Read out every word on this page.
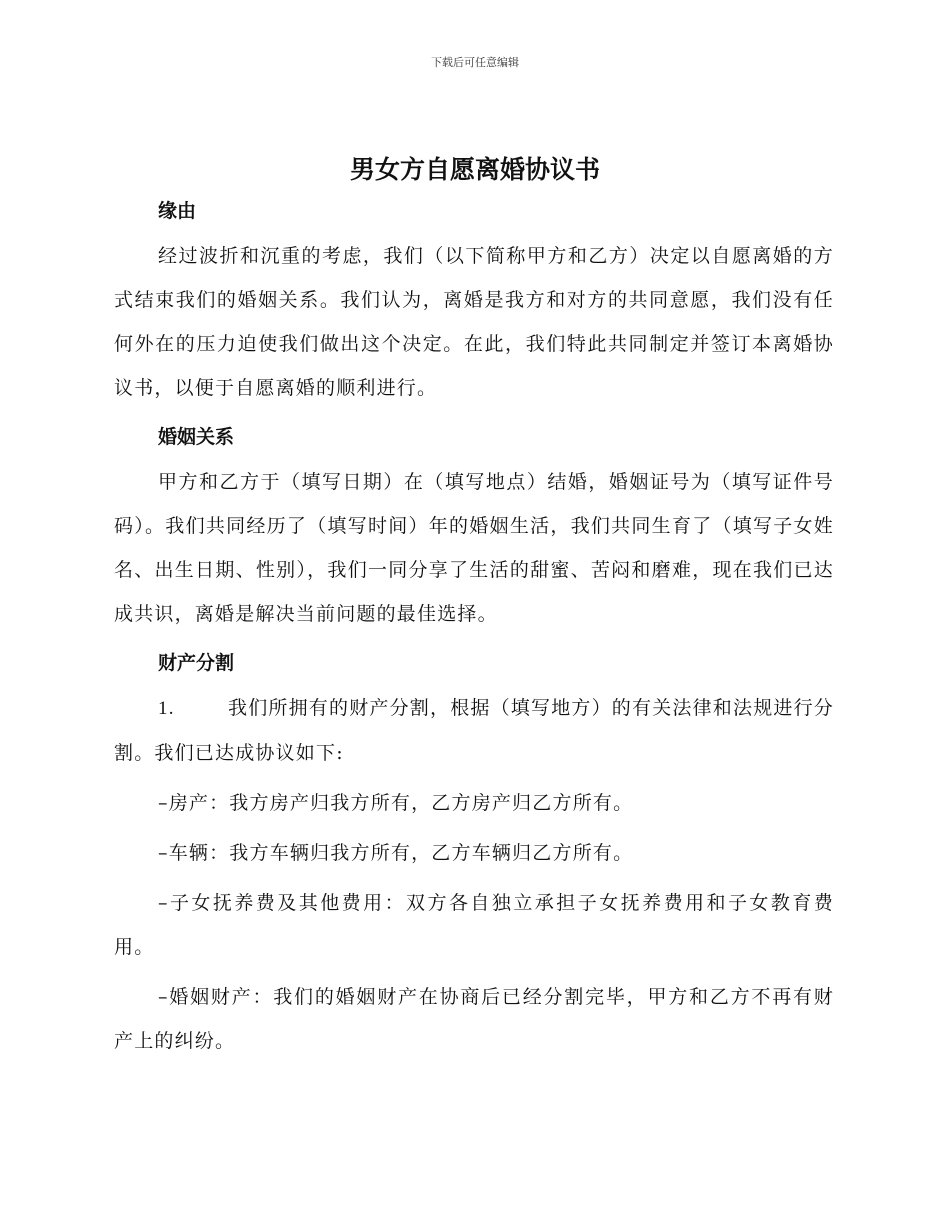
下载后可任意编辑
男女方自愿离婚协议书
缘由

经过波折和沉重的考虑，我们（以下简称甲方和乙方）决定以自愿离婚的方式结束我们的婚姻关系。我们认为，离婚是我方和对方的共同意愿，我们没有任何外在的压力迫使我们做出这个决定。在此，我们特此共同制定并签订本离婚协议书，以便于自愿离婚的顺利进行。

婚姻关系

甲方和乙方于（填写日期）在（填写地点）结婚，婚姻证号为（填写证件号码）。我们共同经历了（填写时间）年的婚姻生活，我们共同生育了（填写子女姓名、出生日期、性别），我们一同分享了生活的甜蜜、苦闷和磨难，现在我们已达成共识，离婚是解决当前问题的最佳选择。

财产分割

1.	我们所拥有的财产分割，根据（填写地方）的有关法律和法规进行分割。我们已达成协议如下:

–房产：我方房产归我方所有，乙方房产归乙方所有。

–车辆：我方车辆归我方所有，乙方车辆归乙方所有。

–子女抚养费及其他费用：双方各自独立承担子女抚养费用和子女教育费用。

–婚姻财产：我们的婚姻财产在协商后已经分割完毕，甲方和乙方不再有财产上的纠纷。
